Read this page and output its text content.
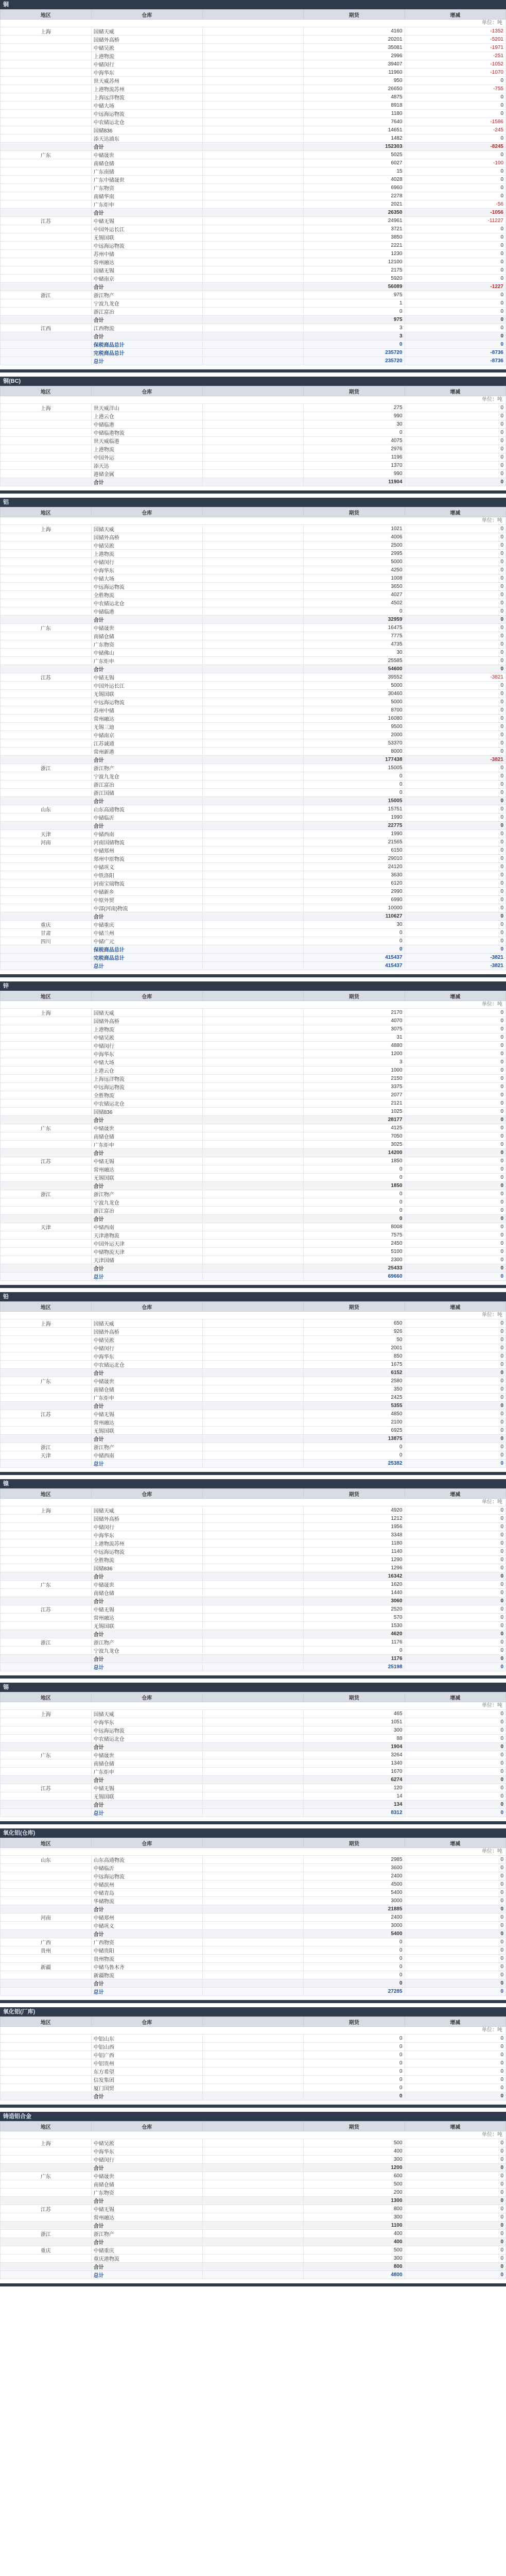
铜
地区	仓库		期货	增减
单位：吨				
上海	国储天威		4160	-1352
	国储外高桥		20201	-5201
	中储吴淞		35081	-1971
	上港物流		2996	-251
	中储闵行		39407	-1052
	中海华东		11960	-1070
	世天威苏州		950	0
	上港物流苏州		26650	-755
	上海远洋物流		4875	0
	中储大场		8918	0
	中远海运物流		1180	0
	中农储运北仓		7640	-1586
	国储836		14651	-245
	添天达浦东		1482	0
	合计		152303	-8245
广东	中储晟世		5025	0
	南储仓储		6027	-100
	广东南储		15	0
	广东中储晟世		4028	0
	广东物资		6960	0
	南储华南		2278	0
	广东炬申		2021	-56
	合计		26350	-1056
江苏	中储无锡		24961	-11227
	中国外运长江		3721	0
	无锡国联		3850	0
	中远海运物流		2221	0
	苏州中储		1230	0
	常州融达		12100	0
	国储无锡		2175	0
	中储南京		5920	0
	合计		56089	-1227
浙江	浙江物产		975	0
	宁波九龙仓		1	0
	浙江富冶		0	0
	合计		975	0
江西	江西物流		3	0
	合计		3	0
	保税商品总计		0	0
	完税商品总计		235720	-8736
	总计		235720	-8736
铜(BC)
地区	仓库		期货	增减
单位：吨				
上海	世天威洋山		275	0
	上港云仓		990	0
	中储临港		30	0
	中储临港物流		0	0
	世天威临港		4075	0
	上港物流		2976	0
	中国外运		1196	0
	添天达		1370	0
	港储金属		990	0
	合计		11904	0
铝
地区	仓库		期货	增减
单位：吨				
上海	国储天威		1021	0
	国储外高桥		4006	0
	中储吴淞		2500	0
	上港物流		2995	0
	中储闵行		5000	0
	中海华东		4250	0
	中储大场		1008	0
	中远海运物流		3650	0
	全胜物流		4027	0
	中农储运北仓		4502	0
	中储临港		0	0
	合计		32959	0
广东	中储晟世		16475	0
	南储仓储		7775	0
	广东物资		4735	0
	中储佛山		30	0
	广东炬申		25585	0
	合计		54600	0
江苏	中储无锡		39552	-3821
	中国外运长江		5000	0
	无锡国联		30460	0
	中远海运物流		5000	0
	苏州中储		8700	0
	常州融达		16080	0
	无锡三迪		9500	0
	中储南京		2000	0
	江苏诚通		53370	0
	常州新港		8000	0
	合计		177438	-3821
浙江	浙江物产		15005	0
	宁波九龙仓		0	0
	浙江富冶		0	0
	浙江国储		0	0
	合计		15005	0
山东	山东高通物流		15751	0
	中储临沂		1990	0
	合计		22775	0
天津	中储西南		1990	0
河南	河南国储物流		21565	0
	中储郑州		6150	0
	郑州中原物流		29010	0
	中储巩义		24120	0
	中铁洛阳		3630	0
	河南宝瑞物流		6120	0
	中储新乡		2990	0
	中原外贸		6990	0
	中部(河南)物流		10000	0
	合计		110627	0
重庆	中储重庆		30	0
甘肃	中储兰州		0	0
四川	中储广元		0	0
	保税商品总计		0	0
	完税商品总计		415437	-3821
	总计		415437	-3821
锌
地区	仓库		期货	增减
单位：吨				
上海	国储天威		2170	0
	国储外高桥		4070	0
	上港物流		3075	0
	中储吴淞		31	0
	中储闵行		4880	0
	中海华东		1200	0
	中储大场		3	0
	上港云仓		1000	0
	上海远洋物流		2150	0
	中远海运物流		3375	0
	全胜物流		2077	0
	中农储运北仓		2121	0
	国储836		1025	0
	合计		28177	0
广东	中储晟世		4125	0
	南储仓储		7050	0
	广东炬申		3025	0
	合计		14200	0
江苏	中储无锡		1850	0
	常州融达		0	0
	无锡国联		0	0
	合计		1850	0
浙江	浙江物产		0	0
	宁波九龙仓		0	0
	浙江富冶		0	0
	合计		0	0
天津	中储西南		8008	0
	天津港物流		7575	0
	中国外运天津		2450	0
	中储物流天津		5100	0
	天津国储		2300	0
	合计		25433	0
	总计		69660	0
铅
地区	仓库		期货	增减
单位：吨				
上海	国储天威		650	0
	国储外高桥		926	0
	中储吴淞		50	0
	中储闵行		2001	0
	中海华东		850	0
	中农储运北仓		1675	0
	合计		6152	0
广东	中储晟世		2580	0
	南储仓储		350	0
	广东炬申		2425	0
	合计		5355	0
江苏	中储无锡		4850	0
	常州融达		2100	0
	无锡国联		6925	0
	合计		13875	0
浙江	浙江物产		0	0
天津	中储西南		0	0
	总计		25382	0
镍
地区	仓库		期货	增减
单位：吨				
上海	国储天威		4920	0
	国储外高桥		1212	0
	中储闵行		1956	0
	中海华东		3348	0
	上港物流苏州		1180	0
	中远海运物流		1140	0
	全胜物流		1290	0
	国储836		1296	0
	合计		16342	0
广东	中储晟世		1620	0
	南储仓储		1440	0
	合计		3060	0
江苏	中储无锡		2520	0
	常州融达		570	0
	无锡国联		1530	0
	合计		4620	0
浙江	浙江物产		1176	0
	宁波九龙仓		0	0
	合计		1176	0
	总计		25198	0
锡
地区	仓库		期货	增减
单位：吨				
上海	国储天威		465	0
	中海华东		1051	0
	中远海运物流		300	0
	中农储运北仓		88	0
	合计		1904	0
广东	中储晟世		3264	0
	南储仓储		1340	0
	广东炬申		1670	0
	合计		6274	0
江苏	中储无锡		120	0
	无锡国联		14	0
	合计		134	0
	总计		8312	0
氧化铝(仓库)
地区	仓库		期货	增减
单位：吨				
山东	山东高通物流		2985	0
	中储临沂		3600	0
	中远海运物流		2400	0
	中储滨州		4500	0
	中储青岛		5400	0
	华储物流		3000	0
	合计		21885	0
河南	中储郑州		2400	0
	中储巩义		3000	0
	合计		5400	0
广西	广西物资		0	0
贵州	中储贵阳		0	0
	贵州物流		0	0
新疆	中储乌鲁木齐		0	0
	新疆物流		0	0
	合计		0	0
	总计		27285	0
氧化铝(厂库)
地区	仓库		期货	增减
单位：吨				
	中铝山东		0	0
	中铝山西		0	0
	中铝广西		0	0
	中铝贵州		0	0
	东方希望		0	0
	信发集团		0	0
	厦门国贸		0	0
	合计		0	0
铸造铝合金
地区	仓库		期货	增减
单位：吨				
上海	中储吴淞		500	0
	中海华东		400	0
	中储闵行		300	0
	合计		1200	0
广东	中储晟世		600	0
	南储仓储		500	0
	广东物资		200	0
	合计		1300	0
江苏	中储无锡		800	0
	常州融达		300	0
	合计		1100	0
浙江	浙江物产		400	0
	合计		400	0
重庆	中储重庆		500	0
	重庆港物流		300	0
	合计		800	0
	总计		4800	0
